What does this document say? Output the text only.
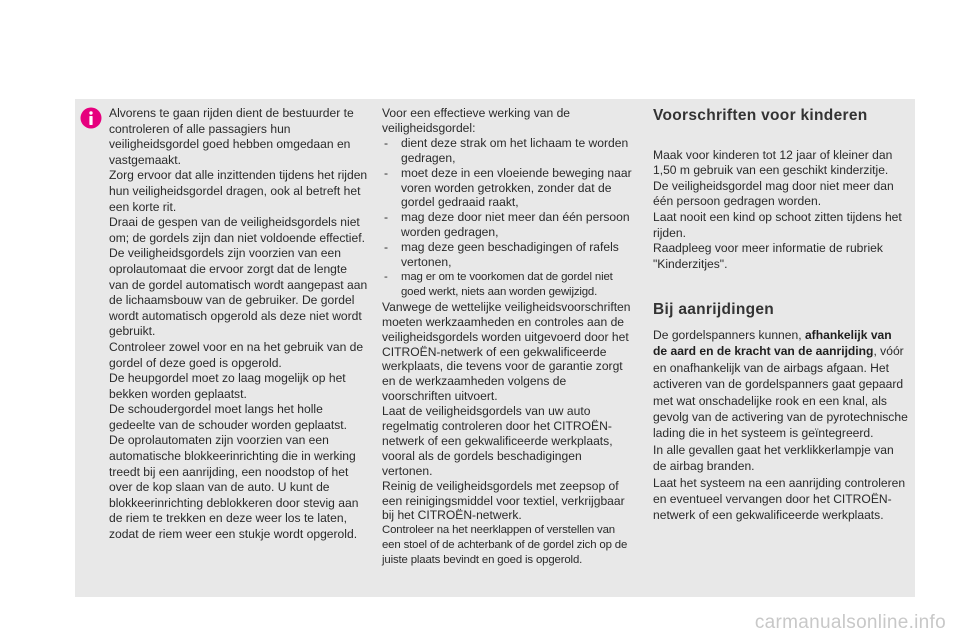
Alvorens te gaan rijden dient de bestuurder te controleren of alle passagiers hun veiligheidsgordel goed hebben omgedaan en vastgemaakt.

Zorg ervoor dat alle inzittenden tijdens het rijden hun veiligheidsgordel dragen, ook al betreft het een korte rit.

Draai de gespen van de veiligheidsgordels niet om; de gordels zijn dan niet voldoende effectief.

De veiligheidsgordels zijn voorzien van een oprolautomaat die ervoor zorgt dat de lengte van de gordel automatisch wordt aangepast aan de lichaamsbouw van de gebruiker. De gordel wordt automatisch opgerold als deze niet wordt gebruikt.

Controleer zowel voor en na het gebruik van de gordel of deze goed is opgerold.

De heupgordel moet zo laag mogelijk op het bekken worden geplaatst.

De schoudergordel moet langs het holle gedeelte van de schouder worden geplaatst.

De oprolautomaten zijn voorzien van een automatische blokkeerinrichting die in werking treedt bij een aanrijding, een noodstop of het over de kop slaan van de auto. U kunt de blokkeerinrichting deblokkeren door stevig aan de riem te trekken en deze weer los te laten, zodat de riem weer een stukje wordt opgerold.

Voor een effectieve werking van de veiligheidsgordel:

- dient deze strak om het lichaam te worden gedragen,
- moet deze in een vloeiende beweging naar voren worden getrokken, zonder dat de gordel gedraaid raakt,
- mag deze door niet meer dan één persoon worden gedragen,
- mag deze geen beschadigingen of rafels vertonen,
- mag er om te voorkomen dat de gordel niet goed werkt, niets aan worden gewijzigd.

Vanwege de wettelijke veiligheidsvoorschriften moeten werkzaamheden en controles aan de veiligheidsgordels worden uitgevoerd door het CITROËN-netwerk of een gekwalificeerde werkplaats, die tevens voor de garantie zorgt en de werkzaamheden volgens de voorschriften uitvoert.

Laat de veiligheidsgordels van uw auto regelmatig controleren door het CITROËN-netwerk of een gekwalificeerde werkplaats, vooral als de gordels beschadigingen vertonen.

Reinig de veiligheidsgordels met zeepsop of een reinigingsmiddel voor textiel, verkrijgbaar bij het CITROËN-netwerk.

Controleer na het neerklappen of verstellen van een stoel of de achterbank of de gordel zich op de juiste plaats bevindt en goed is opgerold.

Voorschriften voor kinderen

Maak voor kinderen tot 12 jaar of kleiner dan 1,50 m gebruik van een geschikt kinderzitje.

De veiligheidsgordel mag door niet meer dan één persoon gedragen worden.

Laat nooit een kind op schoot zitten tijdens het rijden.

Raadpleeg voor meer informatie de rubriek "Kinderzitjes".

Bij aanrijdingen

De gordelspanners kunnen, afhankelijk van de aard en de kracht van de aanrijding, vóór en onafhankelijk van de airbags afgaan. Het activeren van de gordelspanners gaat gepaard met wat onschadelijke rook en een knal, als gevolg van de activering van de pyrotechnische lading die in het systeem is geïntegreerd.

In alle gevallen gaat het verklikkerlampje van de airbag branden.

Laat het systeem na een aanrijding controleren en eventueel vervangen door het CITROËN-netwerk of een gekwalificeerde werkplaats.

carmanualsonline.info
